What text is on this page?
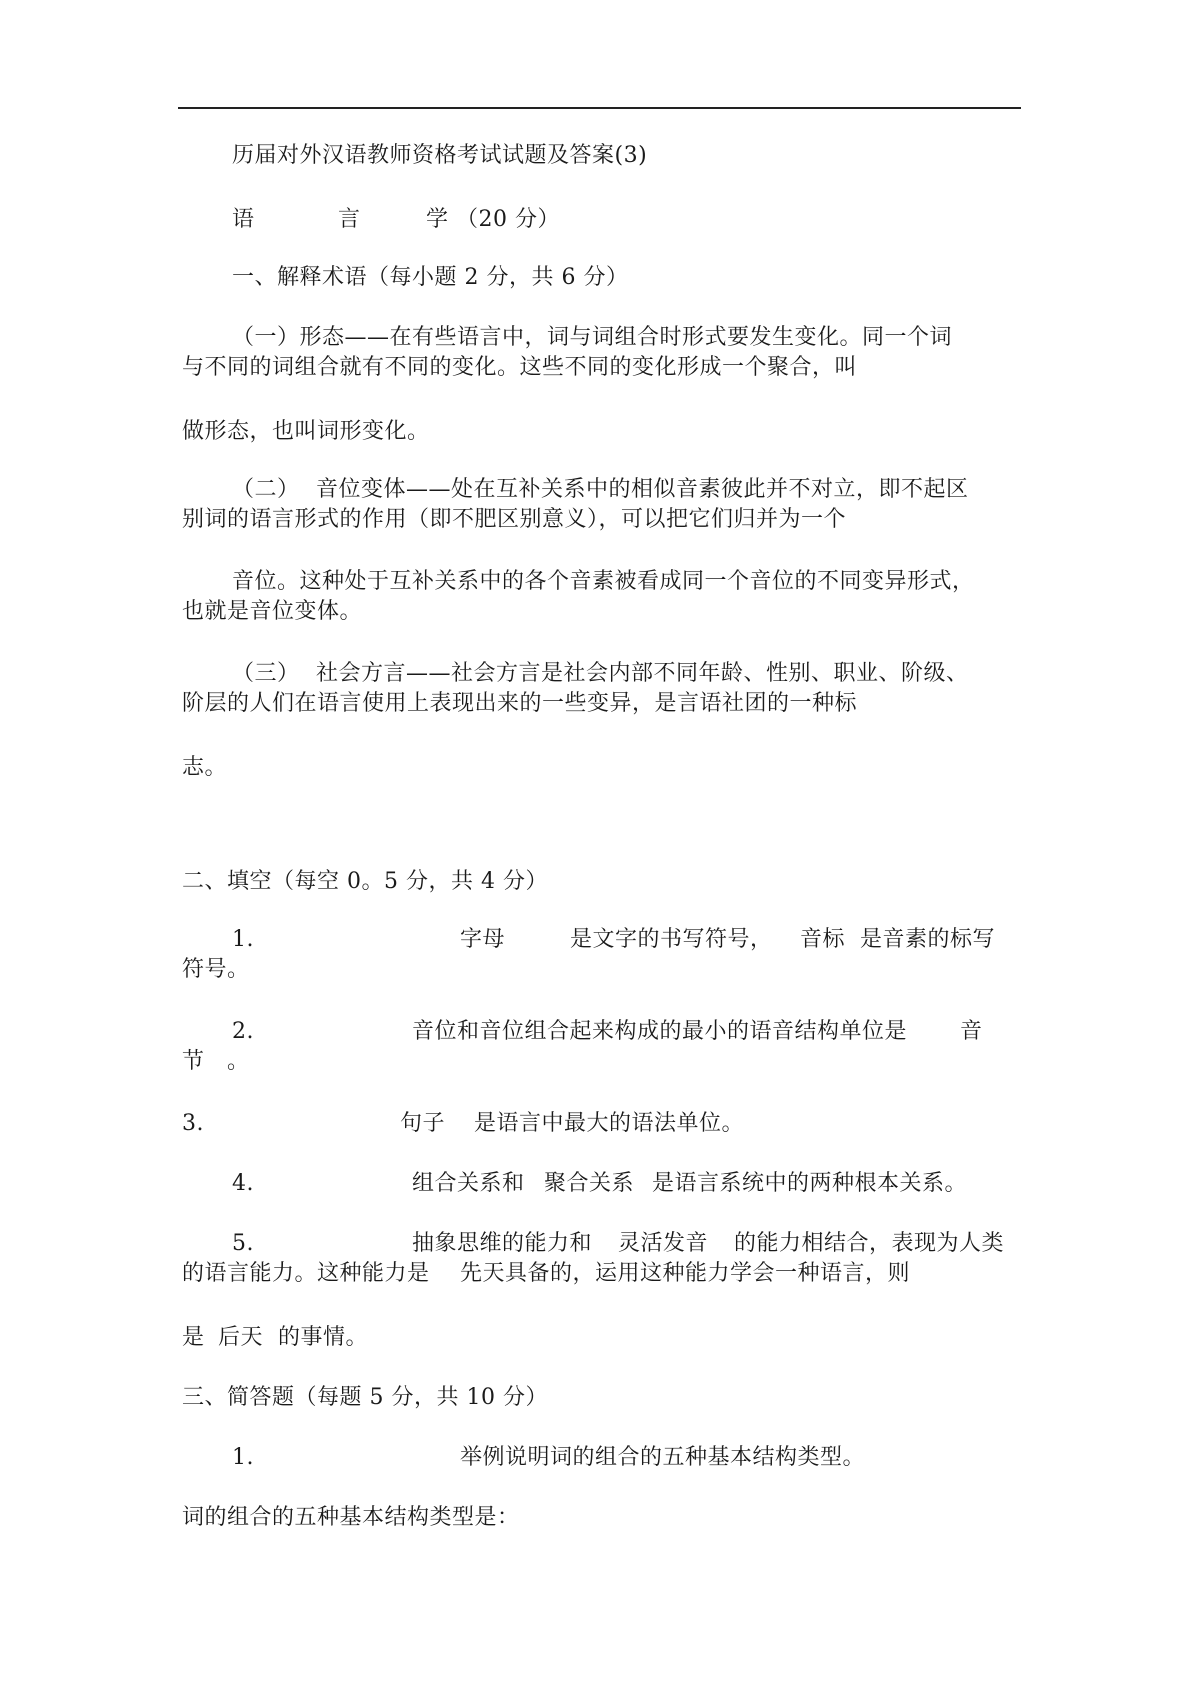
历届对外汉语教师资格考试试题及答案(3)
语	言	学 （20 分）
一、解释术语（每小题 2 分，共 6 分）
（一）形态——在有些语言中，词与词组合时形式要发生变化。同一个词
与不同的词组合就有不同的变化。这些不同的变化形成一个聚合，叫
做形态，也叫词形变化。
（二） 音位变体——处在互补关系中的相似音素彼此并不对立，即不起区
别词的语言形式的作用（即不肥区别意义），可以把它们归并为一个
音位。这种处于互补关系中的各个音素被看成同一个音位的不同变异形式，
也就是音位变体。
（三） 社会方言——社会方言是社会内部不同年龄、性别、职业、阶级、
阶层的人们在语言使用上表现出来的一些变异，是言语社团的一种标
志。
二、填空（每空 0。5 分，共 4 分）
1.	字母	是文字的书写符号， 音标 是音素的标写
符号。
2.	音位和音位组合起来构成的最小的语音结构单位是 音
节　。
3.	句子 是语言中最大的语法单位。
4.	组合关系和 聚合关系 是语言系统中的两种根本关系。
5.	抽象思维的能力和 灵活发音 的能力相结合，表现为人类
的语言能力。这种能力是 先天具备的，运用这种能力学会一种语言，则
是 后天 的事情。
三、简答题（每题 5 分，共 10 分）
1.	举例说明词的组合的五种基本结构类型。
词的组合的五种基本结构类型是：
